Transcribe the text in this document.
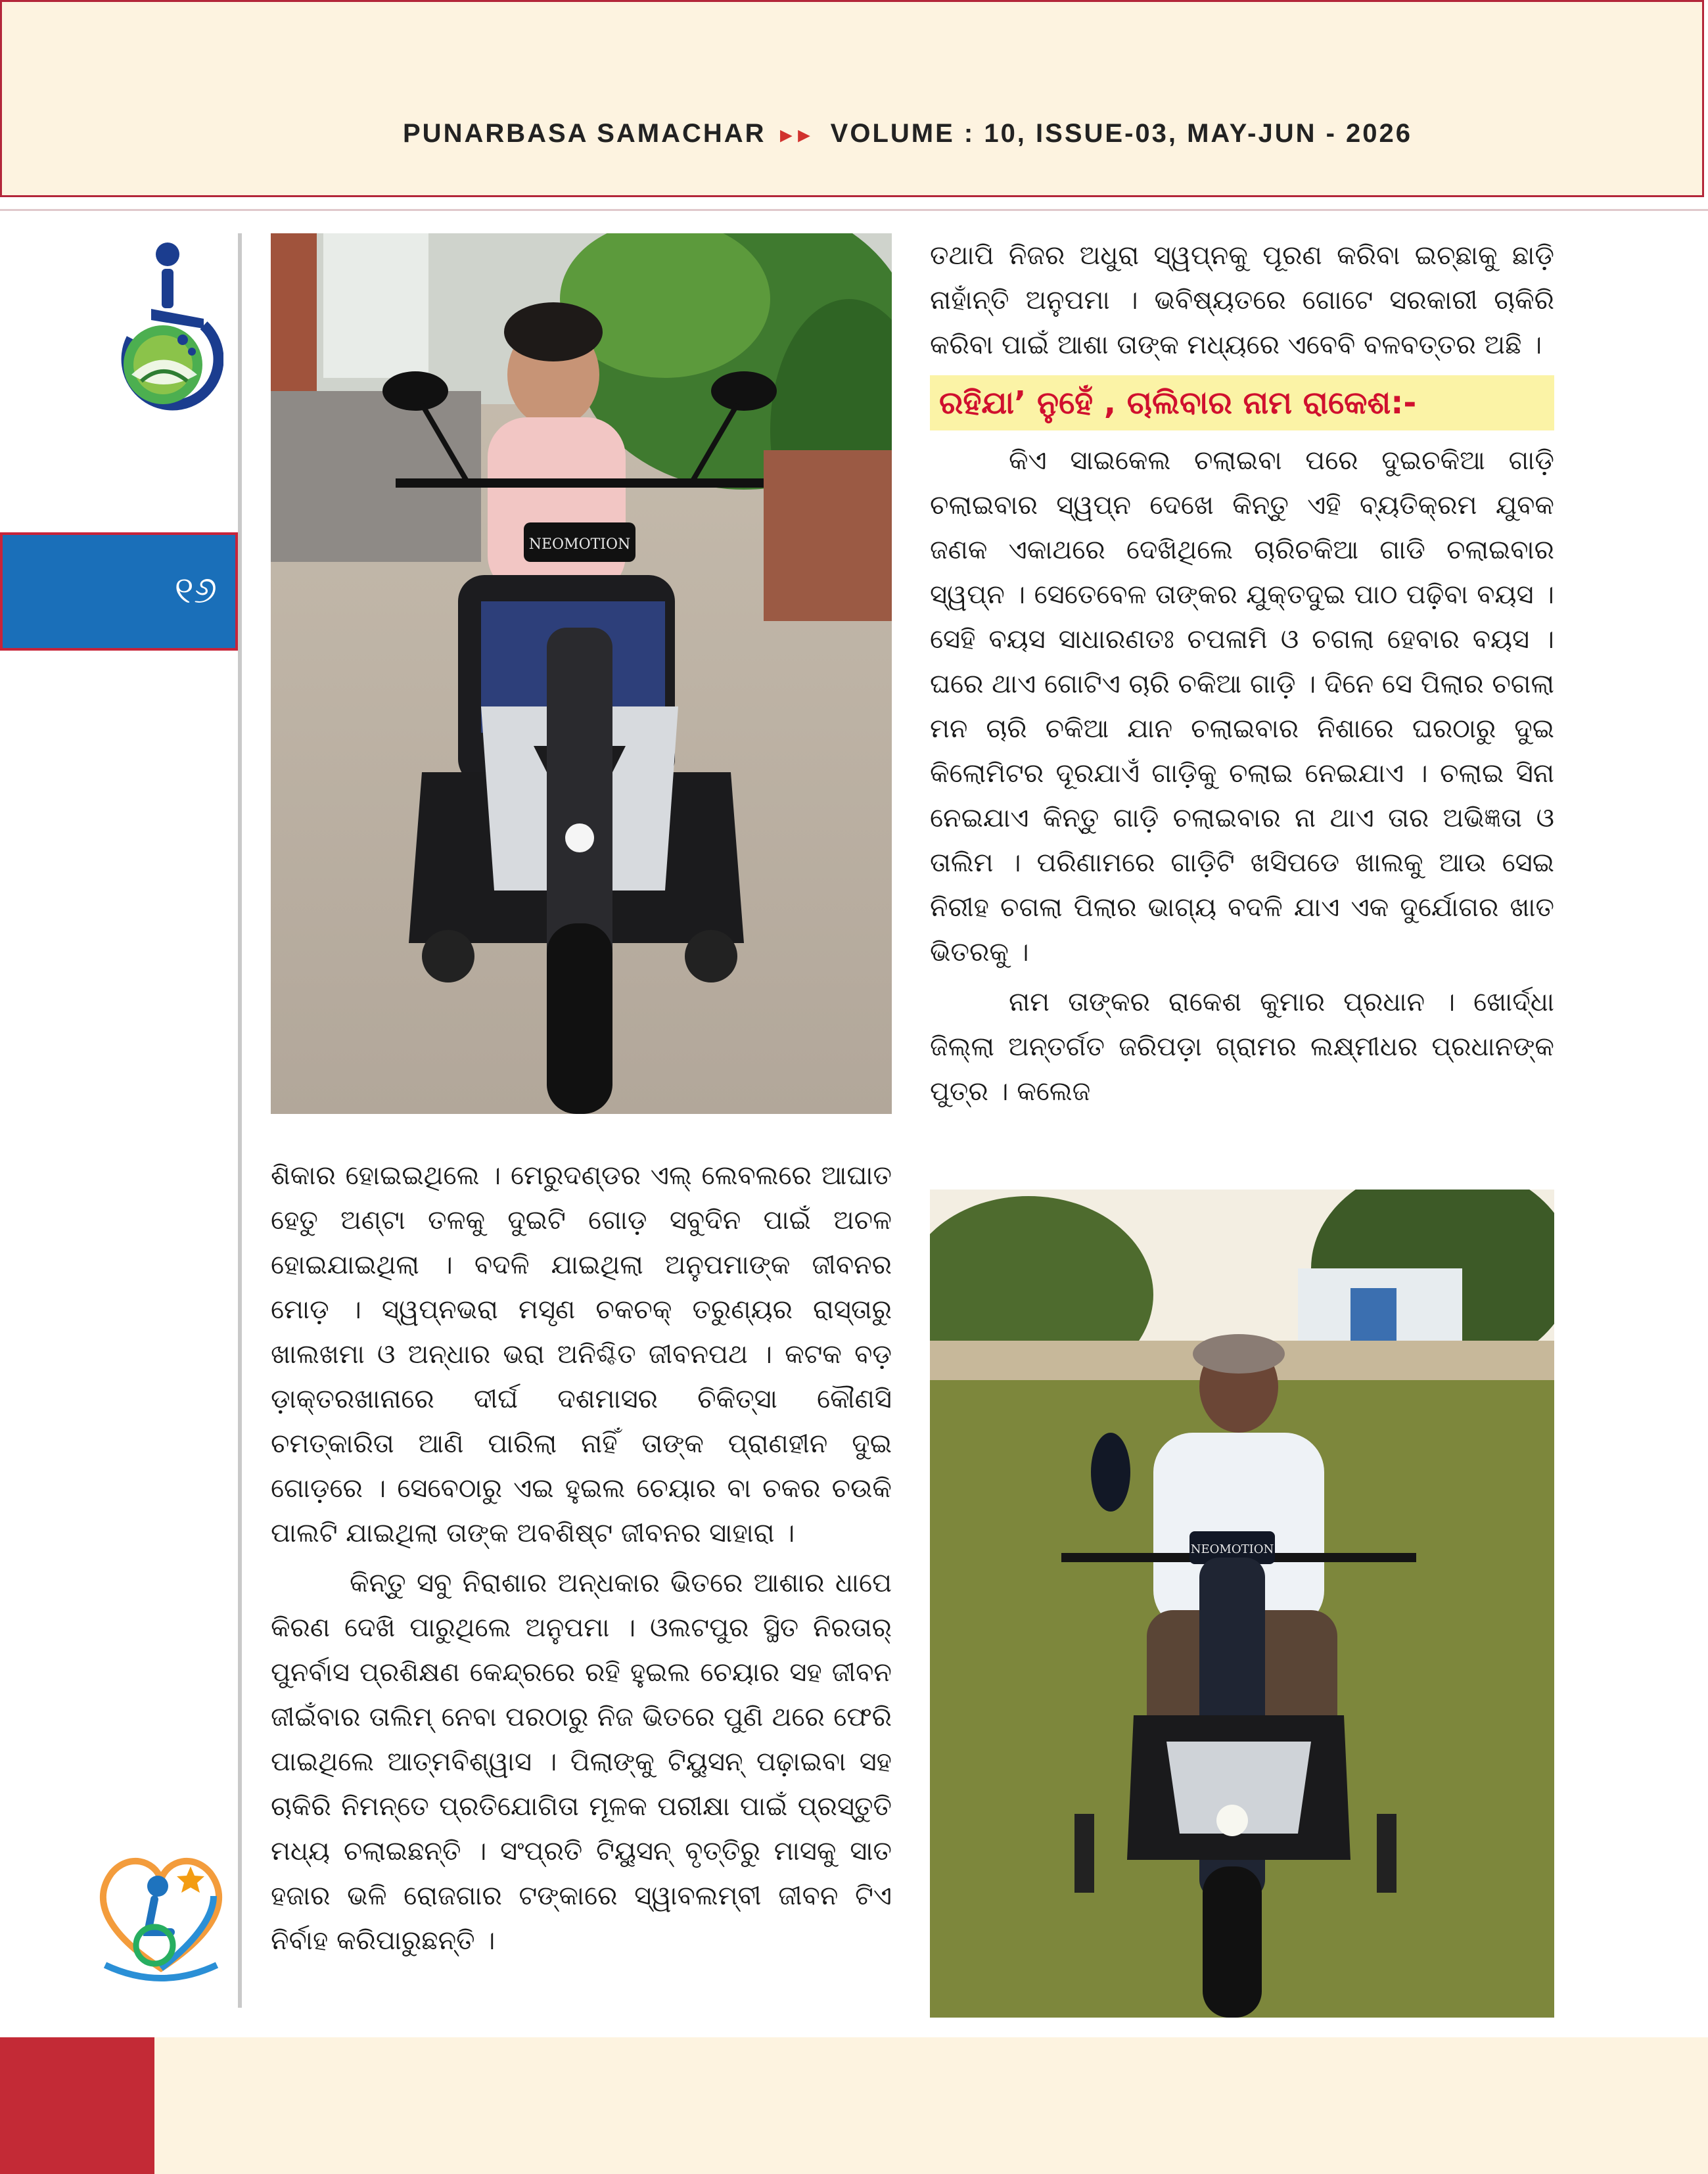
PUNARBASA SAMACHAR ▸▸ VOLUME : 10, ISSUE-03, MAY-JUN - 2026
୧୬
NEOMOTION
NEOMOTION

ଶିକାର ହୋଇଇଥିଲେ । ମେରୁଦଣ୍ଡର ଏଲ୍ ଲେବଲରେ ଆଘାତ ହେତୁ ଅଣ୍ଟା ତଳକୁ ଦୁଇଟି ଗୋଡ଼ ସବୁଦିନ ପାଇଁ ଅଚଳ ହୋଇଯାଇଥିଲା । ବଦଳି ଯାଇଥିଲା ଅନୁପମାଙ୍କ ଜୀବନର ମୋଡ଼ । ସ୍ୱପ୍ନଭରା ମସୃଣ ଚକଚକ୍ ତରୁଣ୍ୟର ରାସ୍ତାରୁ ଖାଲଖମା ଓ ଅନ୍ଧାର ଭରା ଅନିଶ୍ଚିତ ଜୀବନପଥ । କଟକ ବଡ଼ ଡ଼ାକ୍ତରଖାନାରେ ଦୀର୍ଘ ଦଶମାସର ଚିକିତ୍ସା କୌଣସି ଚମତ୍କାରିତା ଆଣି ପାରିଲା ନାହିଁ ତାଙ୍କ ପ୍ରାଣହୀନ ଦୁଇ ଗୋଡ଼ରେ । ସେବେଠାରୁ ଏଇ ହୁଇଲ ଚେୟାର ବା ଚକର ଚଉକି ପାଲଟି ଯାଇଥିଲା ତାଙ୍କ ଅବଶିଷ୍ଟ ଜୀବନର ସାହାରା ।

କିନ୍ତୁ ସବୁ ନିରାଶାର ଅନ୍ଧକାର ଭିତରେ ଆଶାର ଧାପେ କିରଣ ଦେଖି ପାରୁଥିଲେ ଅନୁପମା । ଓଲଟପୁର ସ୍ଥିତ ନିରତାର୍ ପୁନର୍ବାସ ପ୍ରଶିକ୍ଷଣ କେନ୍ଦ୍ରରେ ରହି ହୁଇଲ ଚେୟାର ସହ ଜୀବନ ଜୀଇଁବାର ତାଲିମ୍ ନେବା ପରଠାରୁ ନିଜ ଭିତରେ ପୁଣି ଥରେ ଫେରି ପାଇଥିଲେ ଆତ୍ମବିଶ୍ୱାସ । ପିଲାଙ୍କୁ ଟିୟୁସନ୍ ପଢ଼ାଇବା ସହ ଚାକିରି ନିମନ୍ତେ ପ୍ରତିଯୋଗିତା ମୂଳକ ପରୀକ୍ଷା ପାଇଁ ପ୍ରସ୍ତୁତି ମଧ୍ୟ ଚଲାଇଛନ୍ତି । ସଂପ୍ରତି ଟିୟୁସନ୍ ବୃତ୍ତିରୁ ମାସକୁ ସାତ ହଜାର ଭଳି ରୋଜଗାର ଟଙ୍କାରେ ସ୍ୱାବଲମ୍ବୀ ଜୀବନ ଟିଏ ନିର୍ବାହ କରିପାରୁଛନ୍ତି ।

ତଥାପି ନିଜର ଅଧୁରା ସ୍ୱପ୍ନକୁ ପୂରଣ କରିବା ଇଚ୍ଛାକୁ ଛାଡ଼ି ନାହାଁନ୍ତି ଅନୁପମା । ଭବିଷ୍ୟତରେ ଗୋଟେ ସରକାରୀ ଚାକିରି କରିବା ପାଇଁ ଆଶା ତାଙ୍କ ମଧ୍ୟରେ ଏବେବି ବଳବତ୍ତର ଅଛି ।

ରହିଯା’ ନୁହେଁ , ଚାଲିବାର ନାମ ରାକେଶ:-

କିଏ ସାଇକେଲ ଚଲାଇବା ପରେ ଦୁଇଚକିଆ ଗାଡ଼ି ଚଲାଇବାର ସ୍ୱପ୍ନ ଦେଖେ କିନ୍ତୁ ଏହି ବ୍ୟତିକ୍ରମ ଯୁବକ ଜଣକ ଏକାଥରେ ଦେଖିଥିଲେ ଚାରିଚକିଆ ଗାଡି ଚଲାଇବାର ସ୍ୱପ୍ନ । ସେତେବେଳ ତାଙ୍କର ଯୁକ୍ତଦୁଇ ପାଠ ପଢ଼ିବା ବୟସ । ସେହି ବୟସ ସାଧାରଣତଃ ଚପଳାମି ଓ ଚଗଲା ହେବାର ବୟସ । ଘରେ ଥାଏ ଗୋଟିଏ ଚାରି ଚକିଆ ଗାଡ଼ି । ଦିନେ ସେ ପିଲାର ଚଗଲା ମନ ଚାରି ଚକିଆ ଯାନ ଚଲାଇବାର ନିଶାରେ ଘରଠାରୁ ଦୁଇ କିଲୋମିଟର ଦୂରଯାଏଁ ଗାଡ଼ିକୁ ଚଲାଇ ନେଇଯାଏ । ଚଲାଇ ସିନା ନେଇଯାଏ କିନ୍ତୁ ଗାଡ଼ି ଚଲାଇବାର ନା ଥାଏ ତାର ଅଭିଜ୍ଞତା ଓ ତାଲିମ । ପରିଣାମରେ ଗାଡ଼ିଟି ଖସିପଡେ ଖାଲକୁ ଆଉ ସେଇ ନିରୀହ ଚଗଲା ପିଲାର ଭାଗ୍ୟ ବଦଳି ଯାଏ ଏକ ଦୁର୍ଯୋଗର ଖାତ ଭିତରକୁ ।

ନାମ ତାଙ୍କର ରାକେଶ କୁମାର ପ୍ରଧାନ । ଖୋର୍ଦ୍ଧା ଜିଲ୍ଲା ଅନ୍ତର୍ଗତ ଜରିପଡ଼ା ଗ୍ରାମର ଲକ୍ଷ୍ମୀଧର ପ୍ରଧାନଙ୍କ ପୁତ୍ର । କଲେଜ
